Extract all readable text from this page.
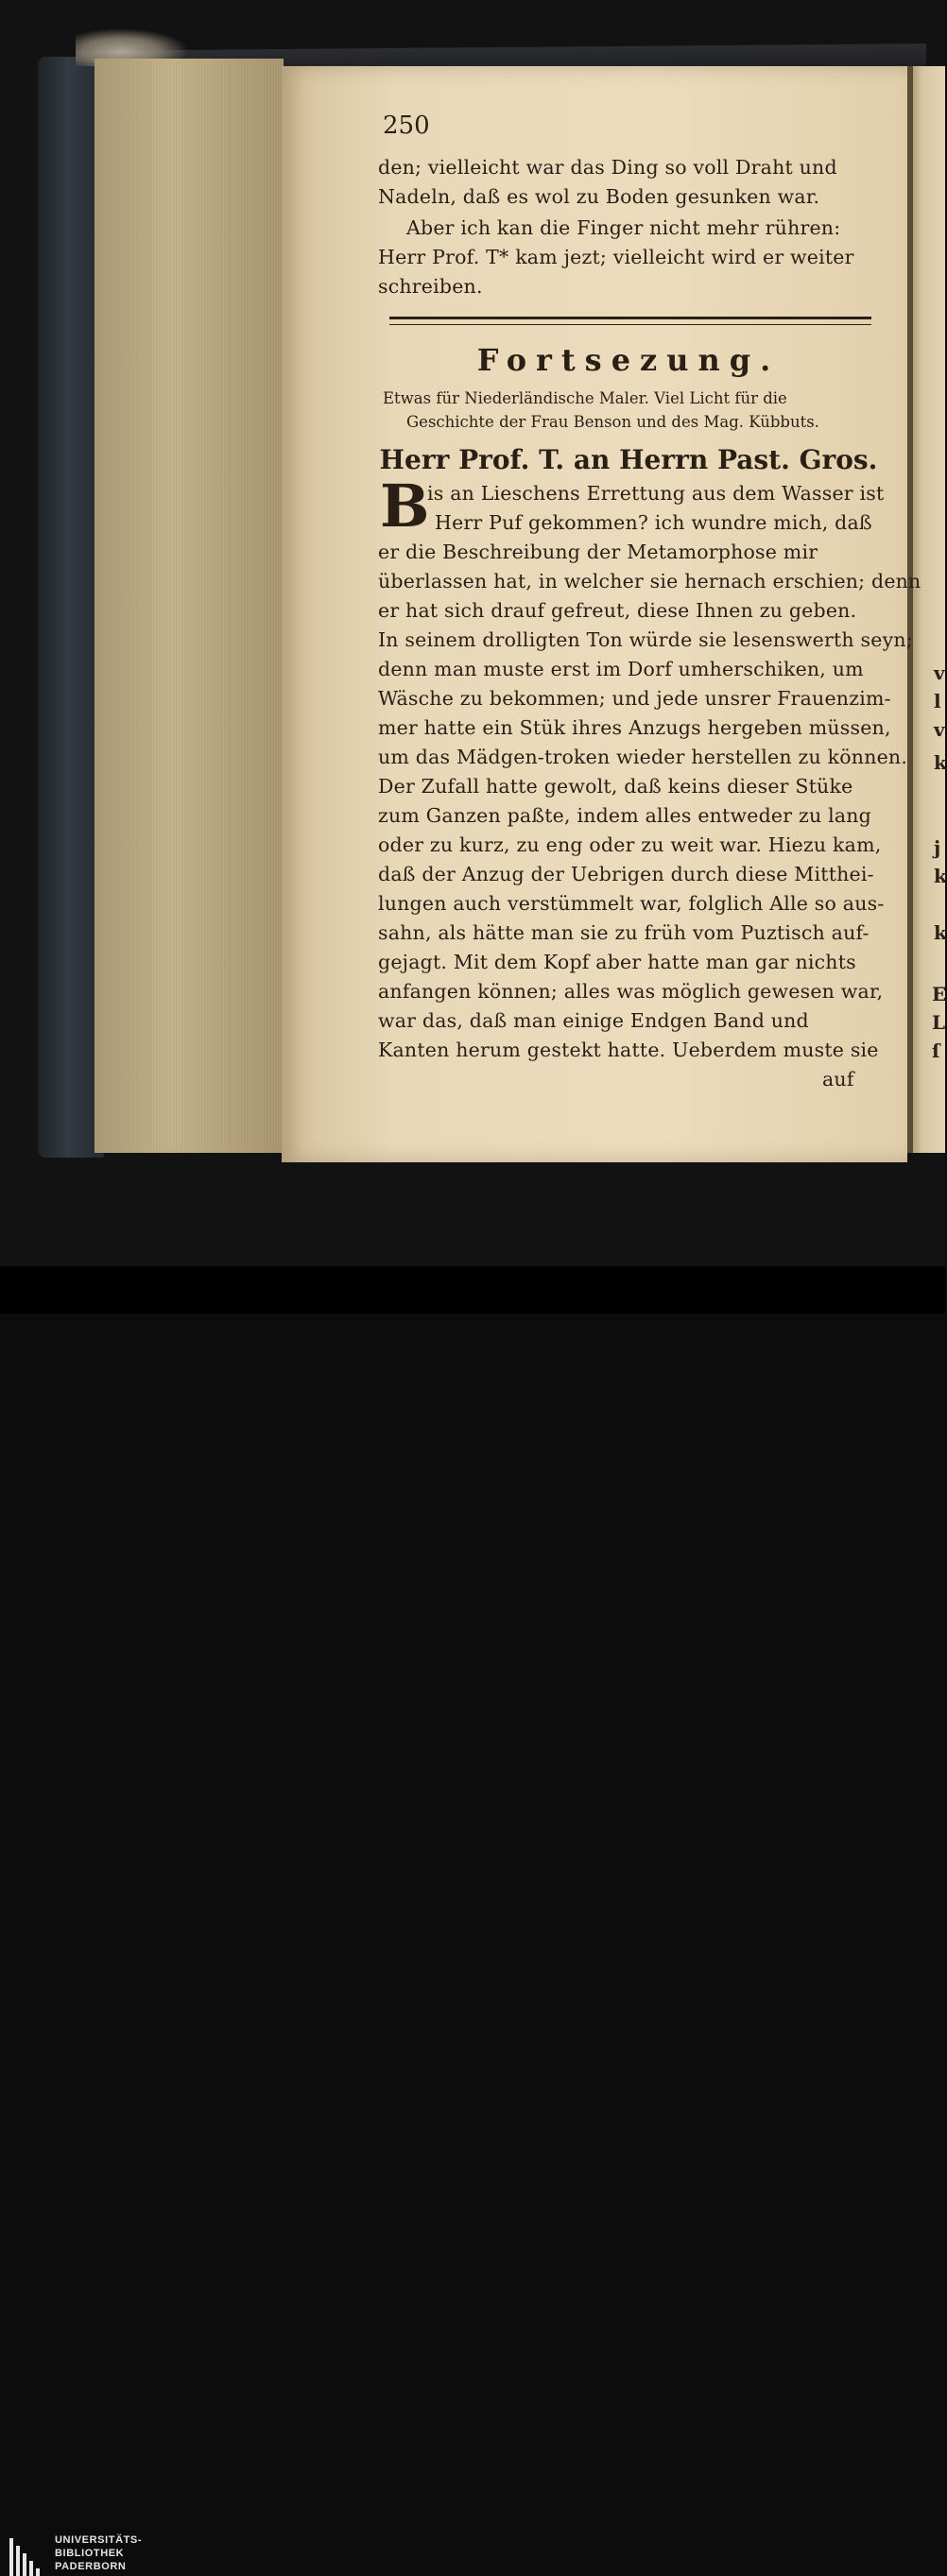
v
l
v
k
j
k
k
E
L
ſ
250
den; vielleicht war das Ding so voll Draht und
Nadeln, daß es wol zu Boden gesunken war.
Aber ich kan die Finger nicht mehr rühren:
Herr Prof. T* kam jezt; vielleicht wird er weiter
schreiben.
Fortsezung.
Etwas für Niederländische Maler. Viel Licht für die
Geschichte der Frau Benson und des Mag. Kübbuts.
Herr Prof. T. an Herrn Past. Gros.
B
is an Lieschens Errettung aus dem Wasser ist
Herr Puf gekommen? ich wundre mich, daß
er die Beschreibung der Metamorphose mir
überlassen hat, in welcher sie hernach erschien; denn
er hat sich drauf gefreut, diese Ihnen zu geben.
In seinem drolligten Ton würde sie lesenswerth seyn;
denn man muste erst im Dorf umherschiken, um
Wäsche zu bekommen; und jede unsrer Frauenzim-
mer hatte ein Stük ihres Anzugs hergeben müssen,
um das Mädgen-troken wieder herstellen zu können.
Der Zufall hatte gewolt, daß keins dieser Stüke
zum Ganzen paßte, indem alles entweder zu lang
oder zu kurz, zu eng oder zu weit war. Hiezu kam,
daß der Anzug der Uebrigen durch diese Mitthei-
lungen auch verstümmelt war, folglich Alle so aus-
sahn, als hätte man sie zu früh vom Puztisch auf-
gejagt. Mit dem Kopf aber hatte man gar nichts
anfangen können; alles was möglich gewesen war,
war das, daß man einige Endgen Band und
Kanten herum gestekt hatte. Ueberdem muste sie
auf
UNIVERSITÄTS-
BIBLIOTHEK
PADERBORN
